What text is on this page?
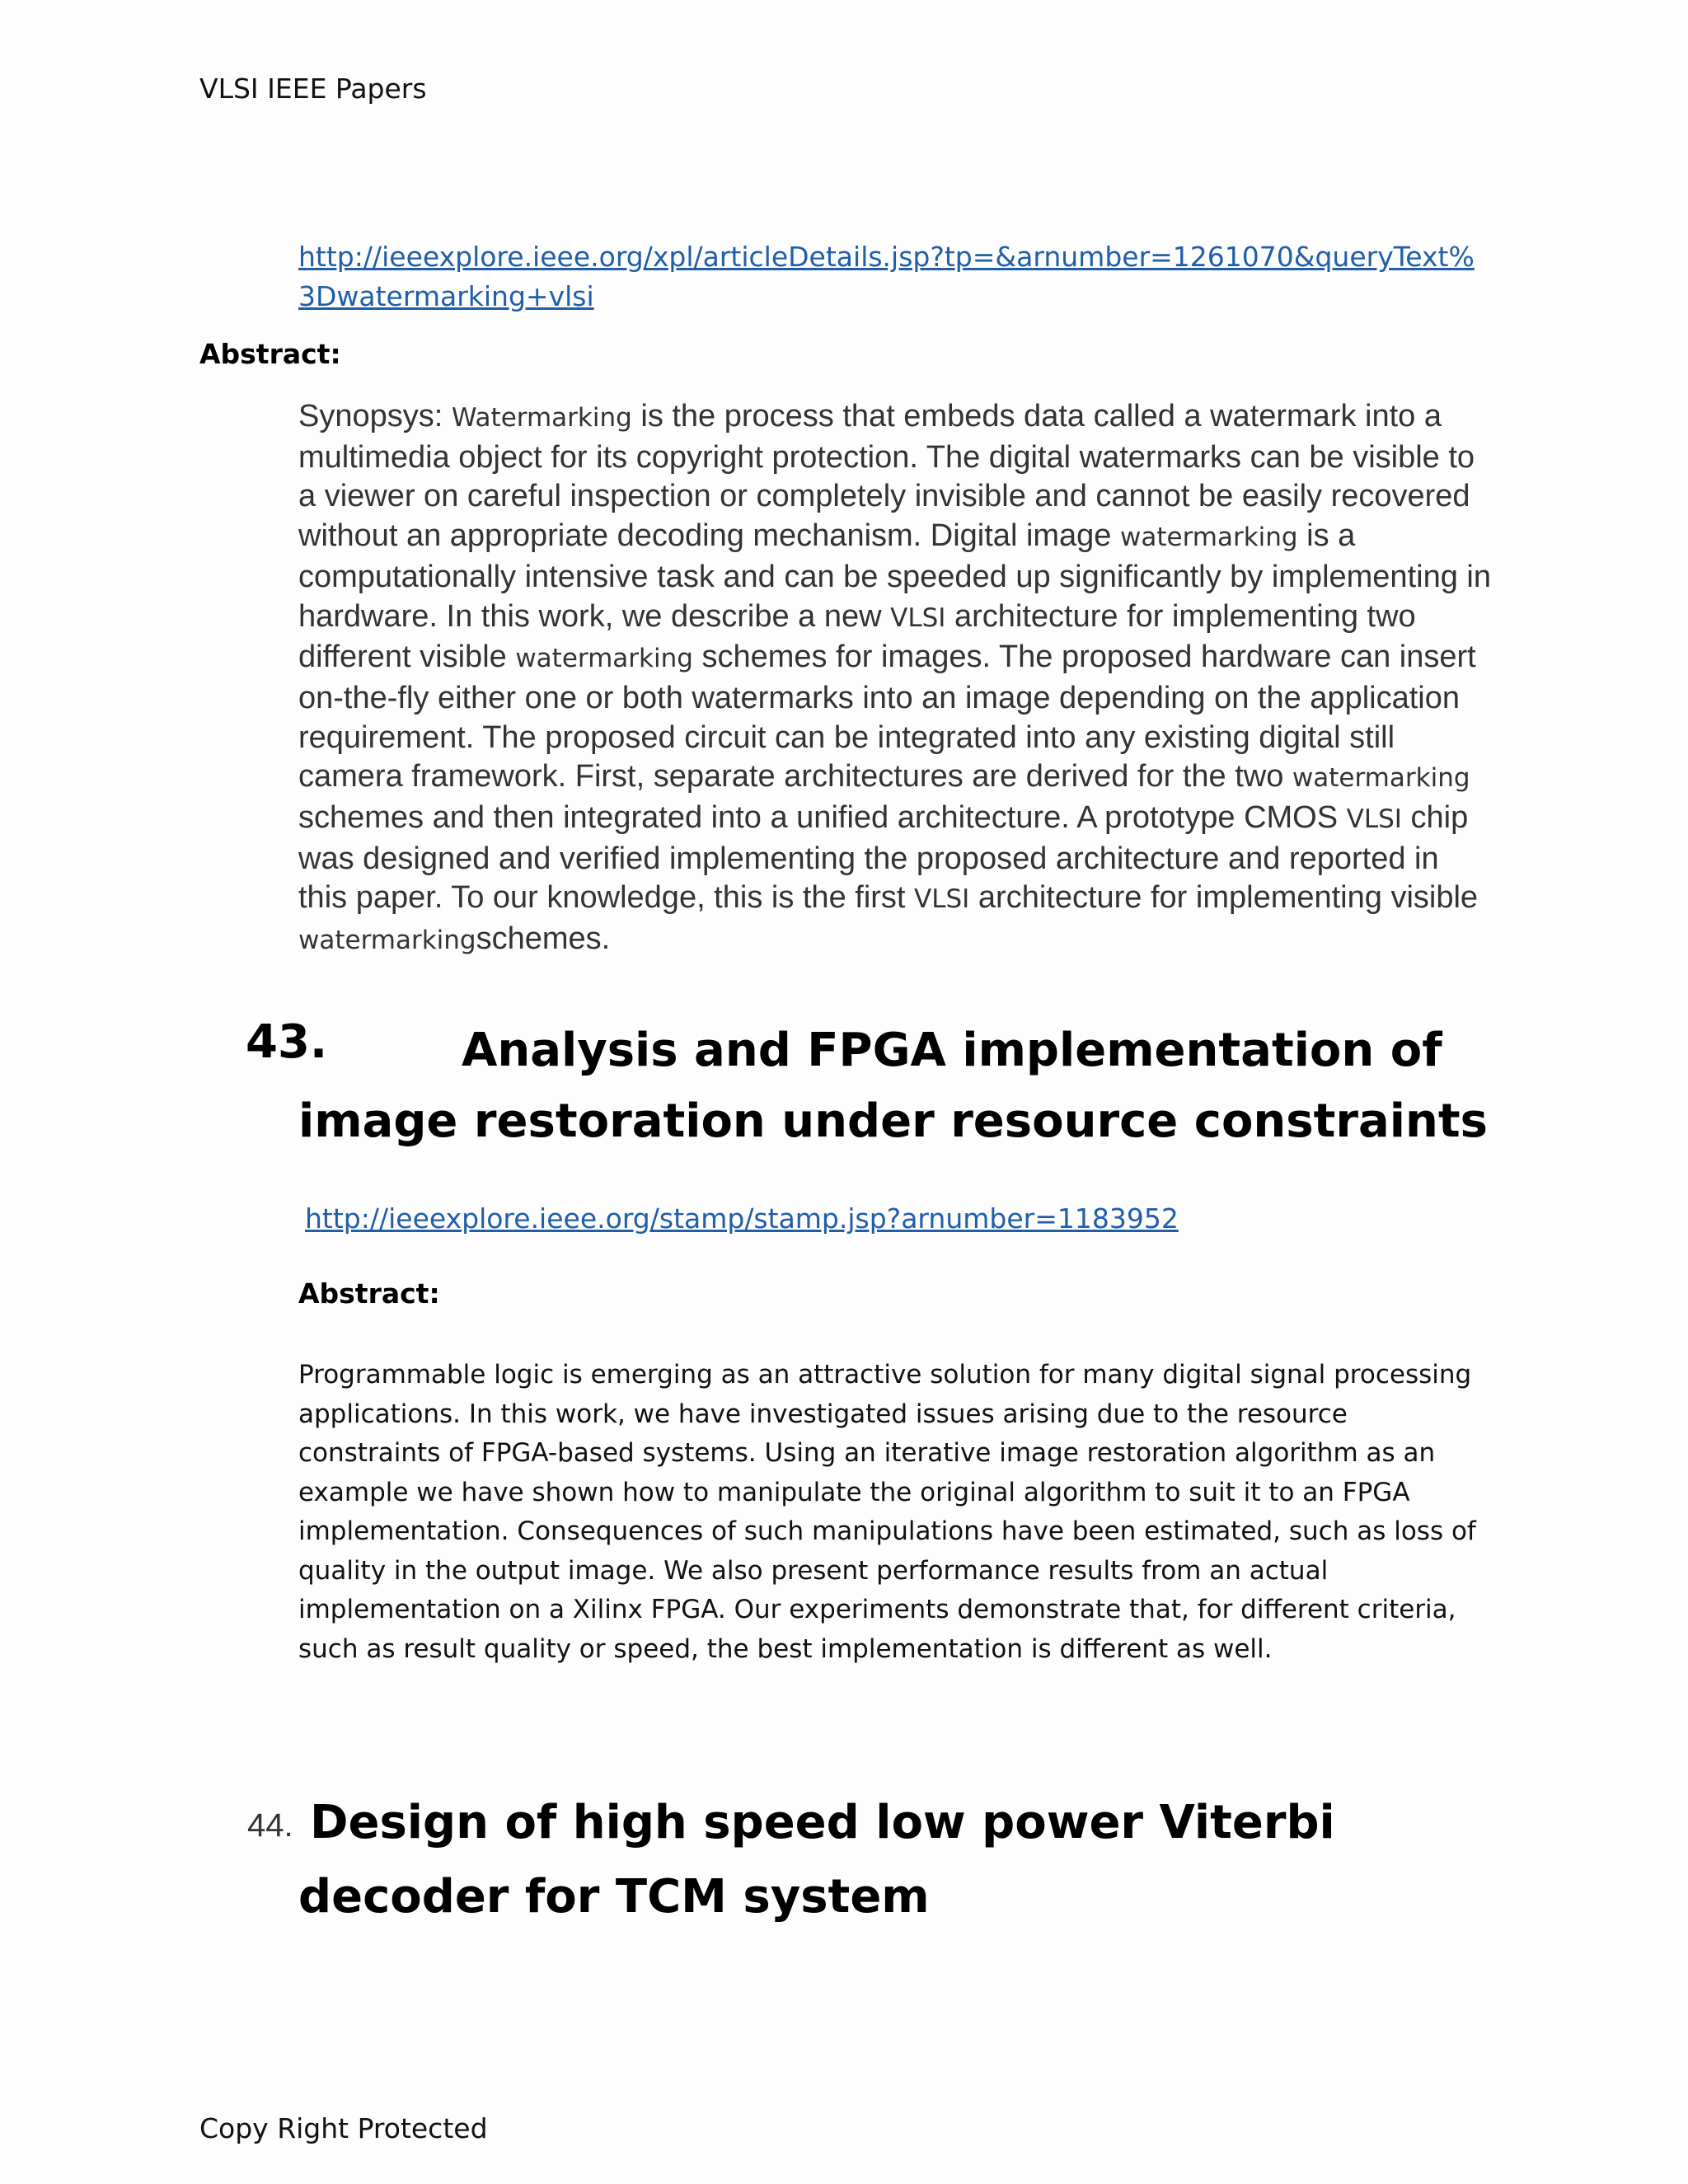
VLSI IEEE Papers
http://ieeexplore.ieee.org/xpl/articleDetails.jsp?tp=&arnumber=1261070&queryText%3Dwatermarking+vlsi
Abstract:
Synopsys: Watermarking is the process that embeds data called a watermark into a multimedia object for its copyright protection. The digital watermarks can be visible to a viewer on careful inspection or completely invisible and cannot be easily recovered without an appropriate decoding mechanism. Digital image watermarking is a computationally intensive task and can be speeded up significantly by implementing in hardware. In this work, we describe a new VLSI architecture for implementing two different visible watermarking schemes for images. The proposed hardware can insert on-the-fly either one or both watermarks into an image depending on the application requirement. The proposed circuit can be integrated into any existing digital still camera framework. First, separate architectures are derived for the two watermarking schemes and then integrated into a unified architecture. A prototype CMOS VLSI chip was designed and verified implementing the proposed architecture and reported in this paper. To our knowledge, this is the first VLSI architecture for implementing visible watermarkingschemes.
43.	Analysis and FPGA implementation of image restoration under resource constraints
http://ieeexplore.ieee.org/stamp/stamp.jsp?arnumber=1183952
Abstract:
Programmable logic is emerging as an attractive solution for many digital signal processing applications. In this work, we have investigated issues arising due to the resource constraints of FPGA-based systems. Using an iterative image restoration algorithm as an example we have shown how to manipulate the original algorithm to suit it to an FPGA implementation. Consequences of such manipulations have been estimated, such as loss of quality in the output image. We also present performance results from an actual implementation on a Xilinx FPGA. Our experiments demonstrate that, for different criteria, such as result quality or speed, the best implementation is different as well.
44. Design of high speed low power Viterbi decoder for TCM system
Copy Right Protected
